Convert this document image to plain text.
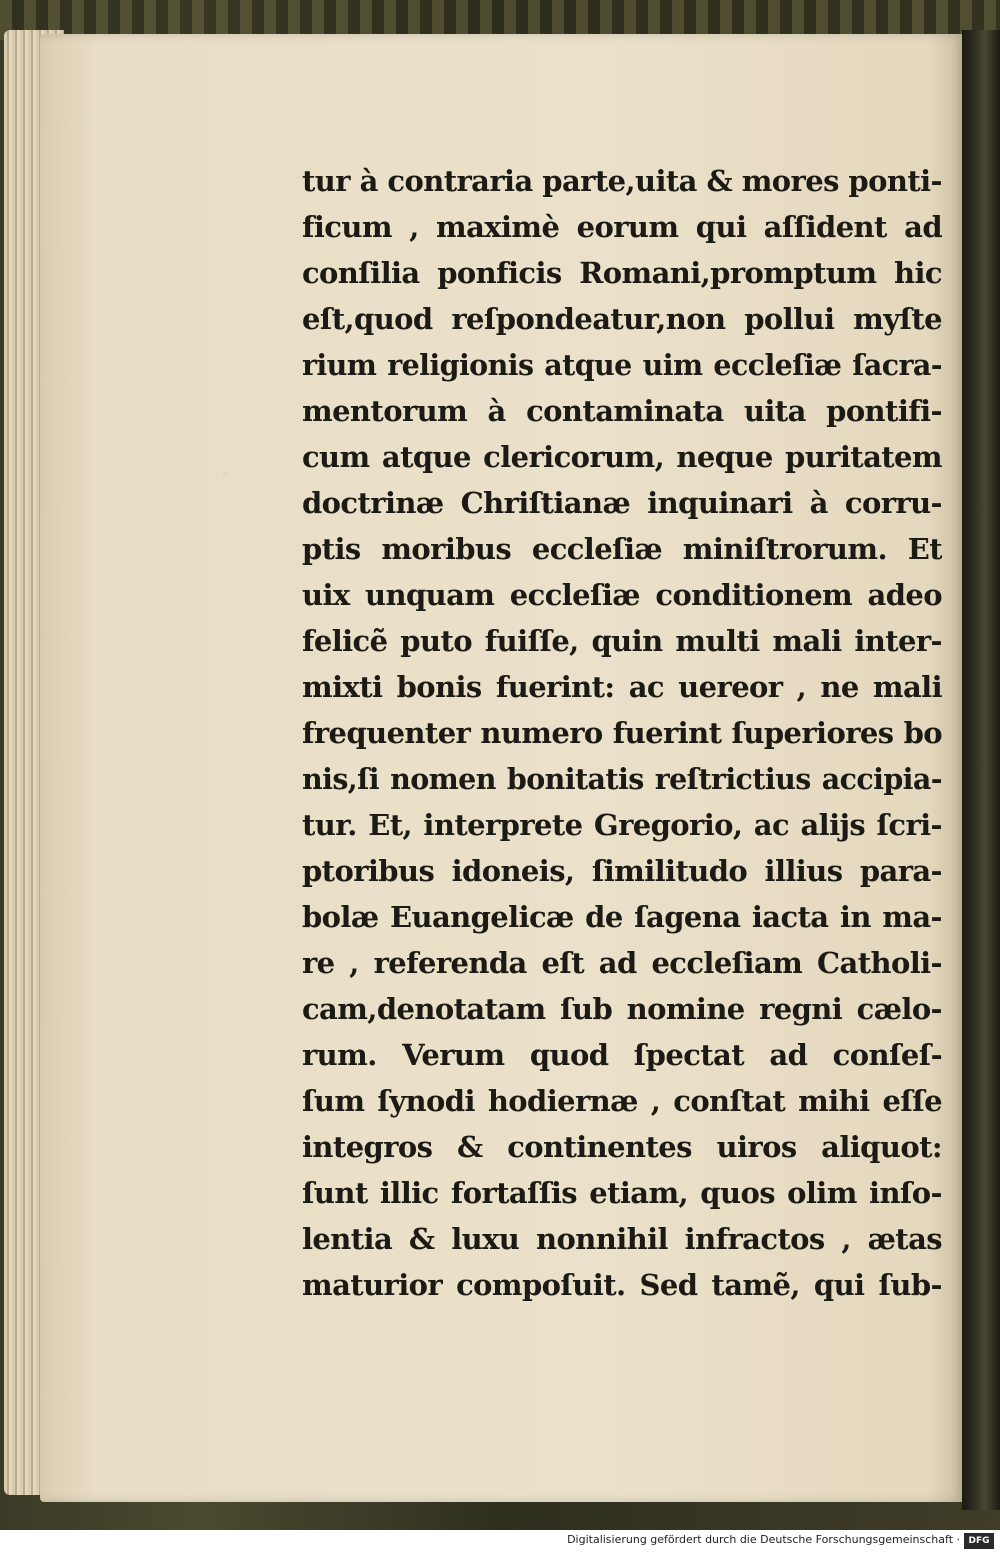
tur à contraria parte,uita & mores ponti-
ficum , maximè eorum qui aſſident ad
conſilia ponficis Romani,promptum hic
eſt,quod reſpondeatur,non pollui myſte
rium religionis atque uim eccleſiæ ſacra-
mentorum à contaminata uita pontifi-
cum atque clericorum, neque puritatem
doctrinæ Chriſtianæ inquinari à corru-
ptis moribus eccleſiæ miniſtrorum. Et
uix unquam eccleſiæ conditionem adeo
felicẽ puto fuiſſe, quin multi mali inter-
mixti bonis fuerint: ac uereor , ne mali
frequenter numero fuerint ſuperiores bo
nis,ſi nomen bonitatis reſtrictius accipia-
tur. Et, interprete Gregorio, ac alijs ſcri-
ptoribus idoneis, ſimilitudo illius para-
bolæ Euangelicæ de ſagena iacta in ma-
re , referenda eſt ad eccleſiam Catholi-
cam,denotatam ſub nomine regni cælo-
rum. Verum quod ſpectat ad conſeſ-
ſum ſynodi hodiernæ , conſtat mihi eſſe
integros & continentes uiros aliquot:
ſunt illic fortaſſis etiam, quos olim inſo-
lentia & luxu nonnihil infractos , ætas
maturior compoſuit. Sed tamẽ, qui ſub-
Digitalisierung gefördert durch die Deutsche Forschungsgemeinschaft · DFG
